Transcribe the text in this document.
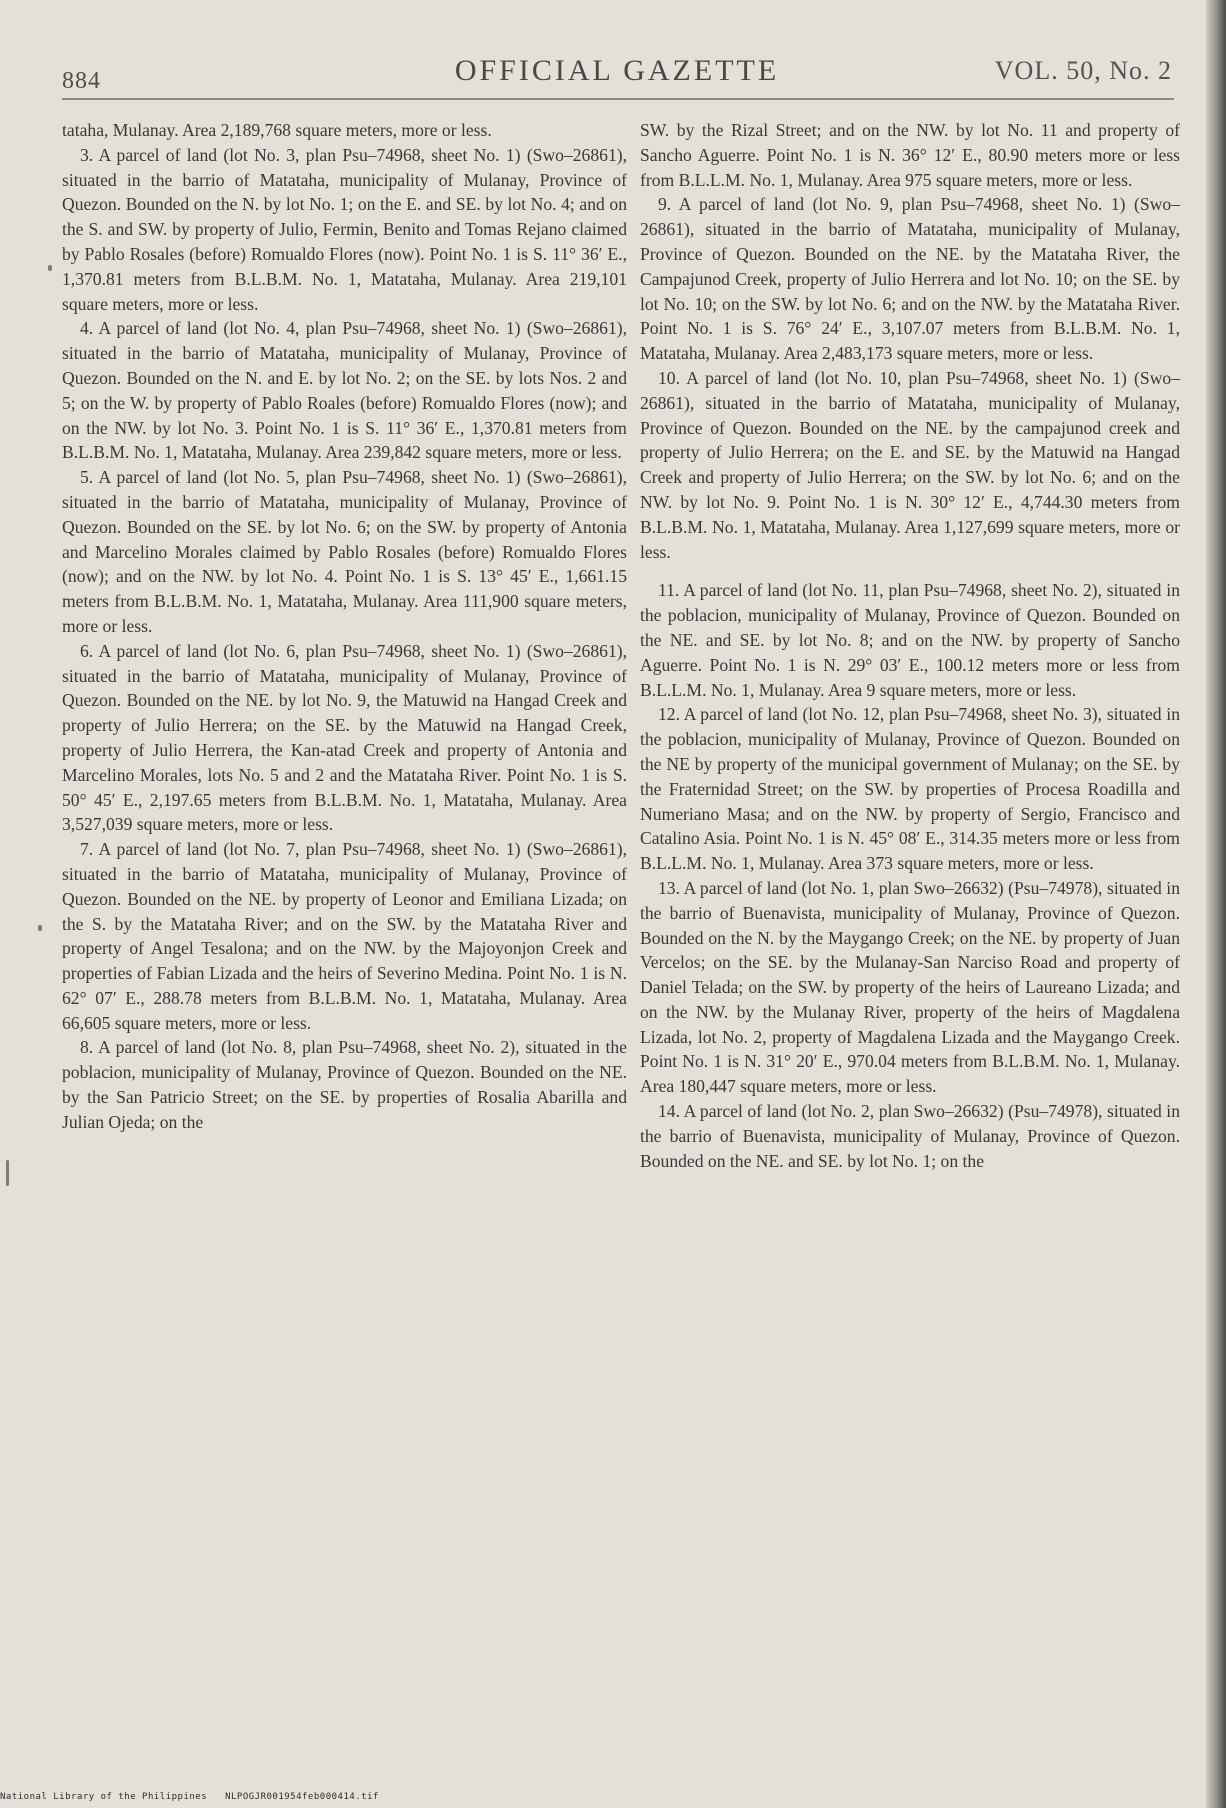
884	OFFICIAL GAZETTE	VOL. 50, No. 2

tataha, Mulanay. Area 2,189,768 square meters, more or less.

3. A parcel of land (lot No. 3, plan Psu–74968, sheet No. 1) (Swo–26861), situated in the barrio of Matataha, municipality of Mulanay, Province of Quezon. Bounded on the N. by lot No. 1; on the E. and SE. by lot No. 4; and on the S. and SW. by property of Julio, Fermin, Benito and Tomas Rejano claimed by Pablo Rosales (before) Romualdo Flores (now). Point No. 1 is S. 11° 36′ E., 1,370.81 meters from B.L.B.M. No. 1, Matataha, Mulanay. Area 219,101 square meters, more or less.

4. A parcel of land (lot No. 4, plan Psu–74968, sheet No. 1) (Swo–26861), situated in the barrio of Matataha, municipality of Mulanay, Province of Quezon. Bounded on the N. and E. by lot No. 2; on the SE. by lots Nos. 2 and 5; on the W. by property of Pablo Roales (before) Romualdo Flores (now); and on the NW. by lot No. 3. Point No. 1 is S. 11° 36′ E., 1,370.81 meters from B.L.B.M. No. 1, Matataha, Mulanay. Area 239,842 square meters, more or less.

5. A parcel of land (lot No. 5, plan Psu–74968, sheet No. 1) (Swo–26861), situated in the barrio of Matataha, municipality of Mulanay, Province of Quezon. Bounded on the SE. by lot No. 6; on the SW. by property of Antonia and Marcelino Morales claimed by Pablo Rosales (before) Romualdo Flores (now); and on the NW. by lot No. 4. Point No. 1 is S. 13° 45′ E., 1,661.15 meters from B.L.B.M. No. 1, Matataha, Mulanay. Area 111,900 square meters, more or less.

6. A parcel of land (lot No. 6, plan Psu–74968, sheet No. 1) (Swo–26861), situated in the barrio of Matataha, municipality of Mulanay, Province of Quezon. Bounded on the NE. by lot No. 9, the Matuwid na Hangad Creek and property of Julio Herrera; on the SE. by the Matuwid na Hangad Creek, property of Julio Herrera, the Kan-atad Creek and property of Antonia and Marcelino Morales, lots No. 5 and 2 and the Matataha River. Point No. 1 is S. 50° 45′ E., 2,197.65 meters from B.L.B.M. No. 1, Matataha, Mulanay. Area 3,527,039 square meters, more or less.

7. A parcel of land (lot No. 7, plan Psu–74968, sheet No. 1) (Swo–26861), situated in the barrio of Matataha, municipality of Mulanay, Province of Quezon. Bounded on the NE. by property of Leonor and Emiliana Lizada; on the S. by the Matataha River; and on the SW. by the Matataha River and property of Angel Tesalona; and on the NW. by the Majoyonjon Creek and properties of Fabian Lizada and the heirs of Severino Medina. Point No. 1 is N. 62° 07′ E., 288.78 meters from B.L.B.M. No. 1, Matataha, Mulanay. Area 66,605 square meters, more or less.

8. A parcel of land (lot No. 8, plan Psu–74968, sheet No. 2), situated in the poblacion, municipality of Mulanay, Province of Quezon. Bounded on the NE. by the San Patricio Street; on the SE. by properties of Rosalia Abarilla and Julian Ojeda; on the

SW. by the Rizal Street; and on the NW. by lot No. 11 and property of Sancho Aguerre. Point No. 1 is N. 36° 12′ E., 80.90 meters more or less from B.L.L.M. No. 1, Mulanay. Area 975 square meters, more or less.

9. A parcel of land (lot No. 9, plan Psu–74968, sheet No. 1) (Swo–26861), situated in the barrio of Matataha, municipality of Mulanay, Province of Quezon. Bounded on the NE. by the Matataha River, the Campajunod Creek, property of Julio Herrera and lot No. 10; on the SE. by lot No. 10; on the SW. by lot No. 6; and on the NW. by the Matataha River. Point No. 1 is S. 76° 24′ E., 3,107.07 meters from B.L.B.M. No. 1, Matataha, Mulanay. Area 2,483,173 square meters, more or less.

10. A parcel of land (lot No. 10, plan Psu–74968, sheet No. 1) (Swo–26861), situated in the barrio of Matataha, municipality of Mulanay, Province of Quezon. Bounded on the NE. by the campajunod creek and property of Julio Herrera; on the E. and SE. by the Matuwid na Hangad Creek and property of Julio Herrera; on the SW. by lot No. 6; and on the NW. by lot No. 9. Point No. 1 is N. 30° 12′ E., 4,744.30 meters from B.L.B.M. No. 1, Matataha, Mulanay. Area 1,127,699 square meters, more or less.

11. A parcel of land (lot No. 11, plan Psu–74968, sheet No. 2), situated in the poblacion, municipality of Mulanay, Province of Quezon. Bounded on the NE. and SE. by lot No. 8; and on the NW. by property of Sancho Aguerre. Point No. 1 is N. 29° 03′ E., 100.12 meters more or less from B.L.L.M. No. 1, Mulanay. Area 9 square meters, more or less.

12. A parcel of land (lot No. 12, plan Psu–74968, sheet No. 3), situated in the poblacion, municipality of Mulanay, Province of Quezon. Bounded on the NE by property of the municipal government of Mulanay; on the SE. by the Fraternidad Street; on the SW. by properties of Procesa Roadilla and Numeriano Masa; and on the NW. by property of Sergio, Francisco and Catalino Asia. Point No. 1 is N. 45° 08′ E., 314.35 meters more or less from B.L.L.M. No. 1, Mulanay. Area 373 square meters, more or less.

13. A parcel of land (lot No. 1, plan Swo–26632) (Psu–74978), situated in the barrio of Buenavista, municipality of Mulanay, Province of Quezon. Bounded on the N. by the Maygango Creek; on the NE. by property of Juan Vercelos; on the SE. by the Mulanay-San Narciso Road and property of Daniel Telada; on the SW. by property of the heirs of Laureano Lizada; and on the NW. by the Mulanay River, property of the heirs of Magdalena Lizada, lot No. 2, property of Magdalena Lizada and the Maygango Creek. Point No. 1 is N. 31° 20′ E., 970.04 meters from B.L.B.M. No. 1, Mulanay. Area 180,447 square meters, more or less.

14. A parcel of land (lot No. 2, plan Swo–26632) (Psu–74978), situated in the barrio of Buenavista, municipality of Mulanay, Province of Quezon. Bounded on the NE. and SE. by lot No. 1; on the

National Library of the Philippines NLPOGJR001954feb000414.tif
